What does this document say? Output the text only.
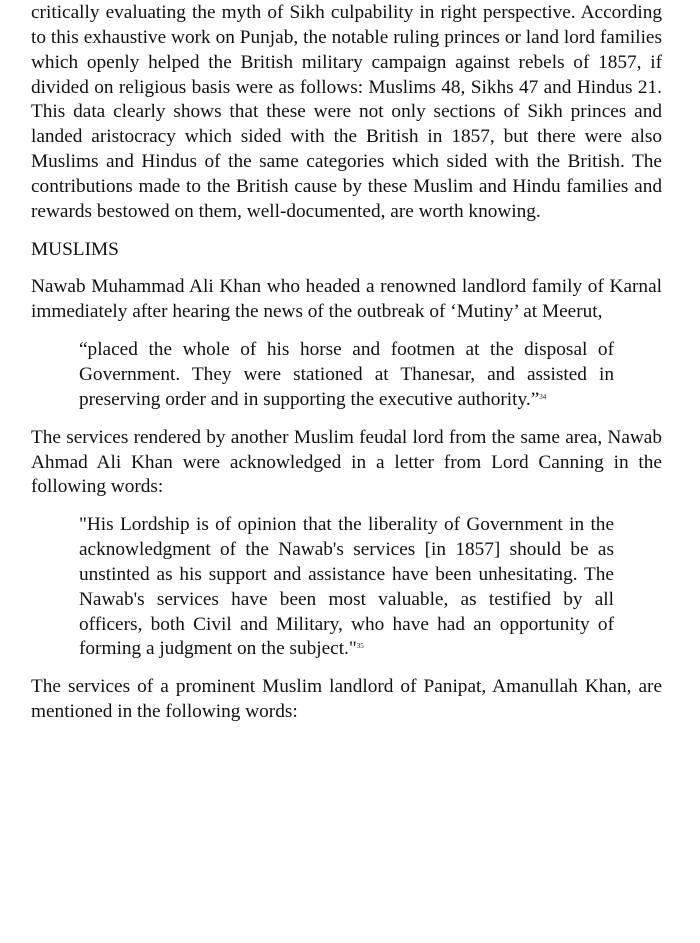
critically evaluating the myth of Sikh culpability in right perspective. According to this exhaustive work on Punjab, the notable ruling princes or land lord families which openly helped the British military campaign against rebels of 1857, if divided on religious basis were as follows: Muslims 48, Sikhs 47 and Hindus 21. This data clearly shows that these were not only sections of Sikh princes and landed aristocracy which sided with the British in 1857, but there were also Muslims and Hindus of the same categories which sided with the British. The contributions made to the British cause by these Muslim and Hindu families and rewards bestowed on them, well-documented, are worth knowing.

MUSLIMS

Nawab Muhammad Ali Khan who headed a renowned landlord family of Karnal immediately after hearing the news of the outbreak of ‘Mutiny’ at Meerut,

“placed the whole of his horse and footmen at the disposal of Government. They were stationed at Thanesar, and assisted in preserving order and in supporting the executive authority.”$^{34}$

The services rendered by another Muslim feudal lord from the same area, Nawab Ahmad Ali Khan were acknowledged in a letter from Lord Canning in the following words:

"His Lordship is of opinion that the liberality of Government in the acknowledgment of the Nawab's services [in 1857] should be as unstinted as his support and assistance have been unhesitating. The Nawab's services have been most valuable, as testified by all officers, both Civil and Military, who have had an opportunity of forming a judgment on the subject."$^{35}$

The services of a prominent Muslim landlord of Panipat, Amanullah Khan, are mentioned in the following words:
